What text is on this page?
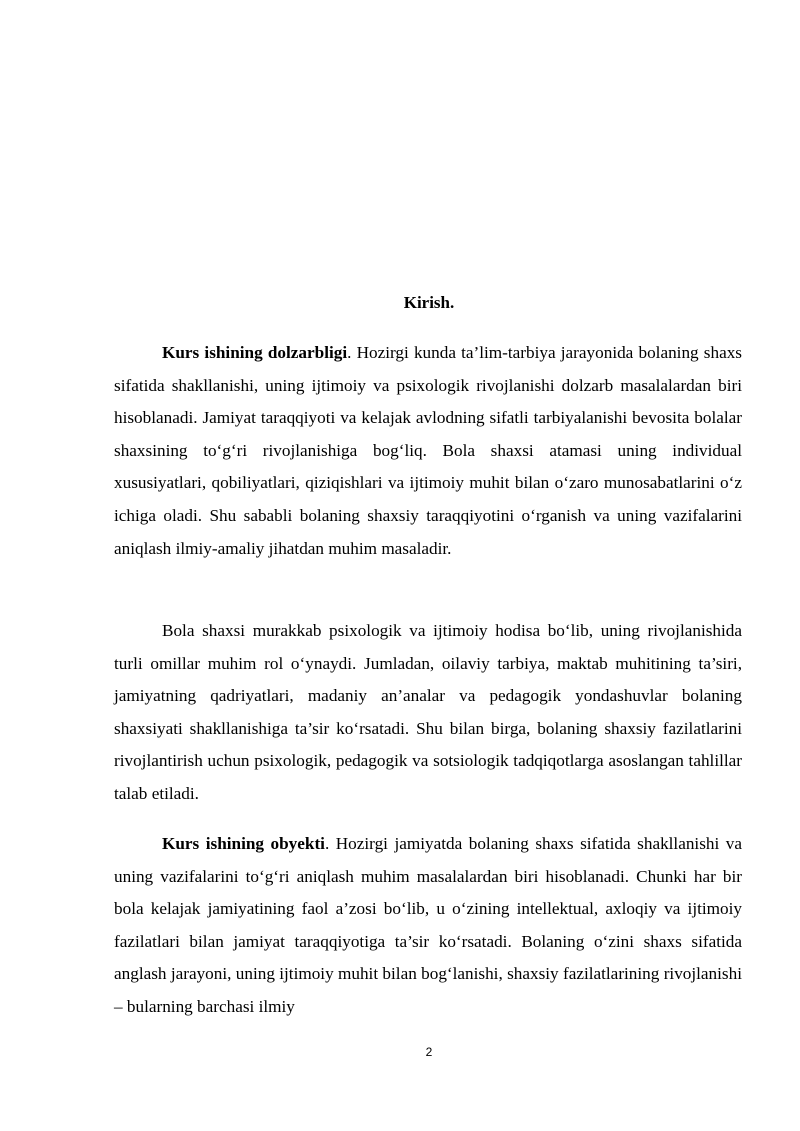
Kirish.

Kurs ishining dolzarbligi. Hozirgi kunda ta’lim-tarbiya jarayonida bolaning shaxs sifatida shakllanishi, uning ijtimoiy va psixologik rivojlanishi dolzarb masalalardan biri hisoblanadi. Jamiyat taraqqiyoti va kelajak avlodning sifatli tarbiyalanishi bevosita bolalar shaxsining to‘g‘ri rivojlanishiga bog‘liq. Bola shaxsi atamasi uning individual xususiyatlari, qobiliyatlari, qiziqishlari va ijtimoiy muhit bilan o‘zaro munosabatlarini o‘z ichiga oladi. Shu sababli bolaning shaxsiy taraqqiyotini o‘rganish va uning vazifalarini aniqlash ilmiy-amaliy jihatdan muhim masaladir.

Bola shaxsi murakkab psixologik va ijtimoiy hodisa bo‘lib, uning rivojlanishida turli omillar muhim rol o‘ynaydi. Jumladan, oilaviy tarbiya, maktab muhitining ta’siri, jamiyatning qadriyatlari, madaniy an’analar va pedagogik yondashuvlar bolaning shaxsiyati shakllanishiga ta’sir ko‘rsatadi. Shu bilan birga, bolaning shaxsiy fazilatlarini rivojlantirish uchun psixologik, pedagogik va sotsiologik tadqiqotlarga asoslangan tahlillar talab etiladi.

Kurs ishining obyekti. Hozirgi jamiyatda bolaning shaxs sifatida shakllanishi va uning vazifalarini to‘g‘ri aniqlash muhim masalalardan biri hisoblanadi. Chunki har bir bola kelajak jamiyatining faol a’zosi bo‘lib, u o‘zining intellektual, axloqiy va ijtimoiy fazilatlari bilan jamiyat taraqqiyotiga ta’sir ko‘rsatadi. Bolaning o‘zini shaxs sifatida anglash jarayoni, uning ijtimoiy muhit bilan bog‘lanishi, shaxsiy fazilatlarining rivojlanishi – bularning barchasi ilmiy

2
